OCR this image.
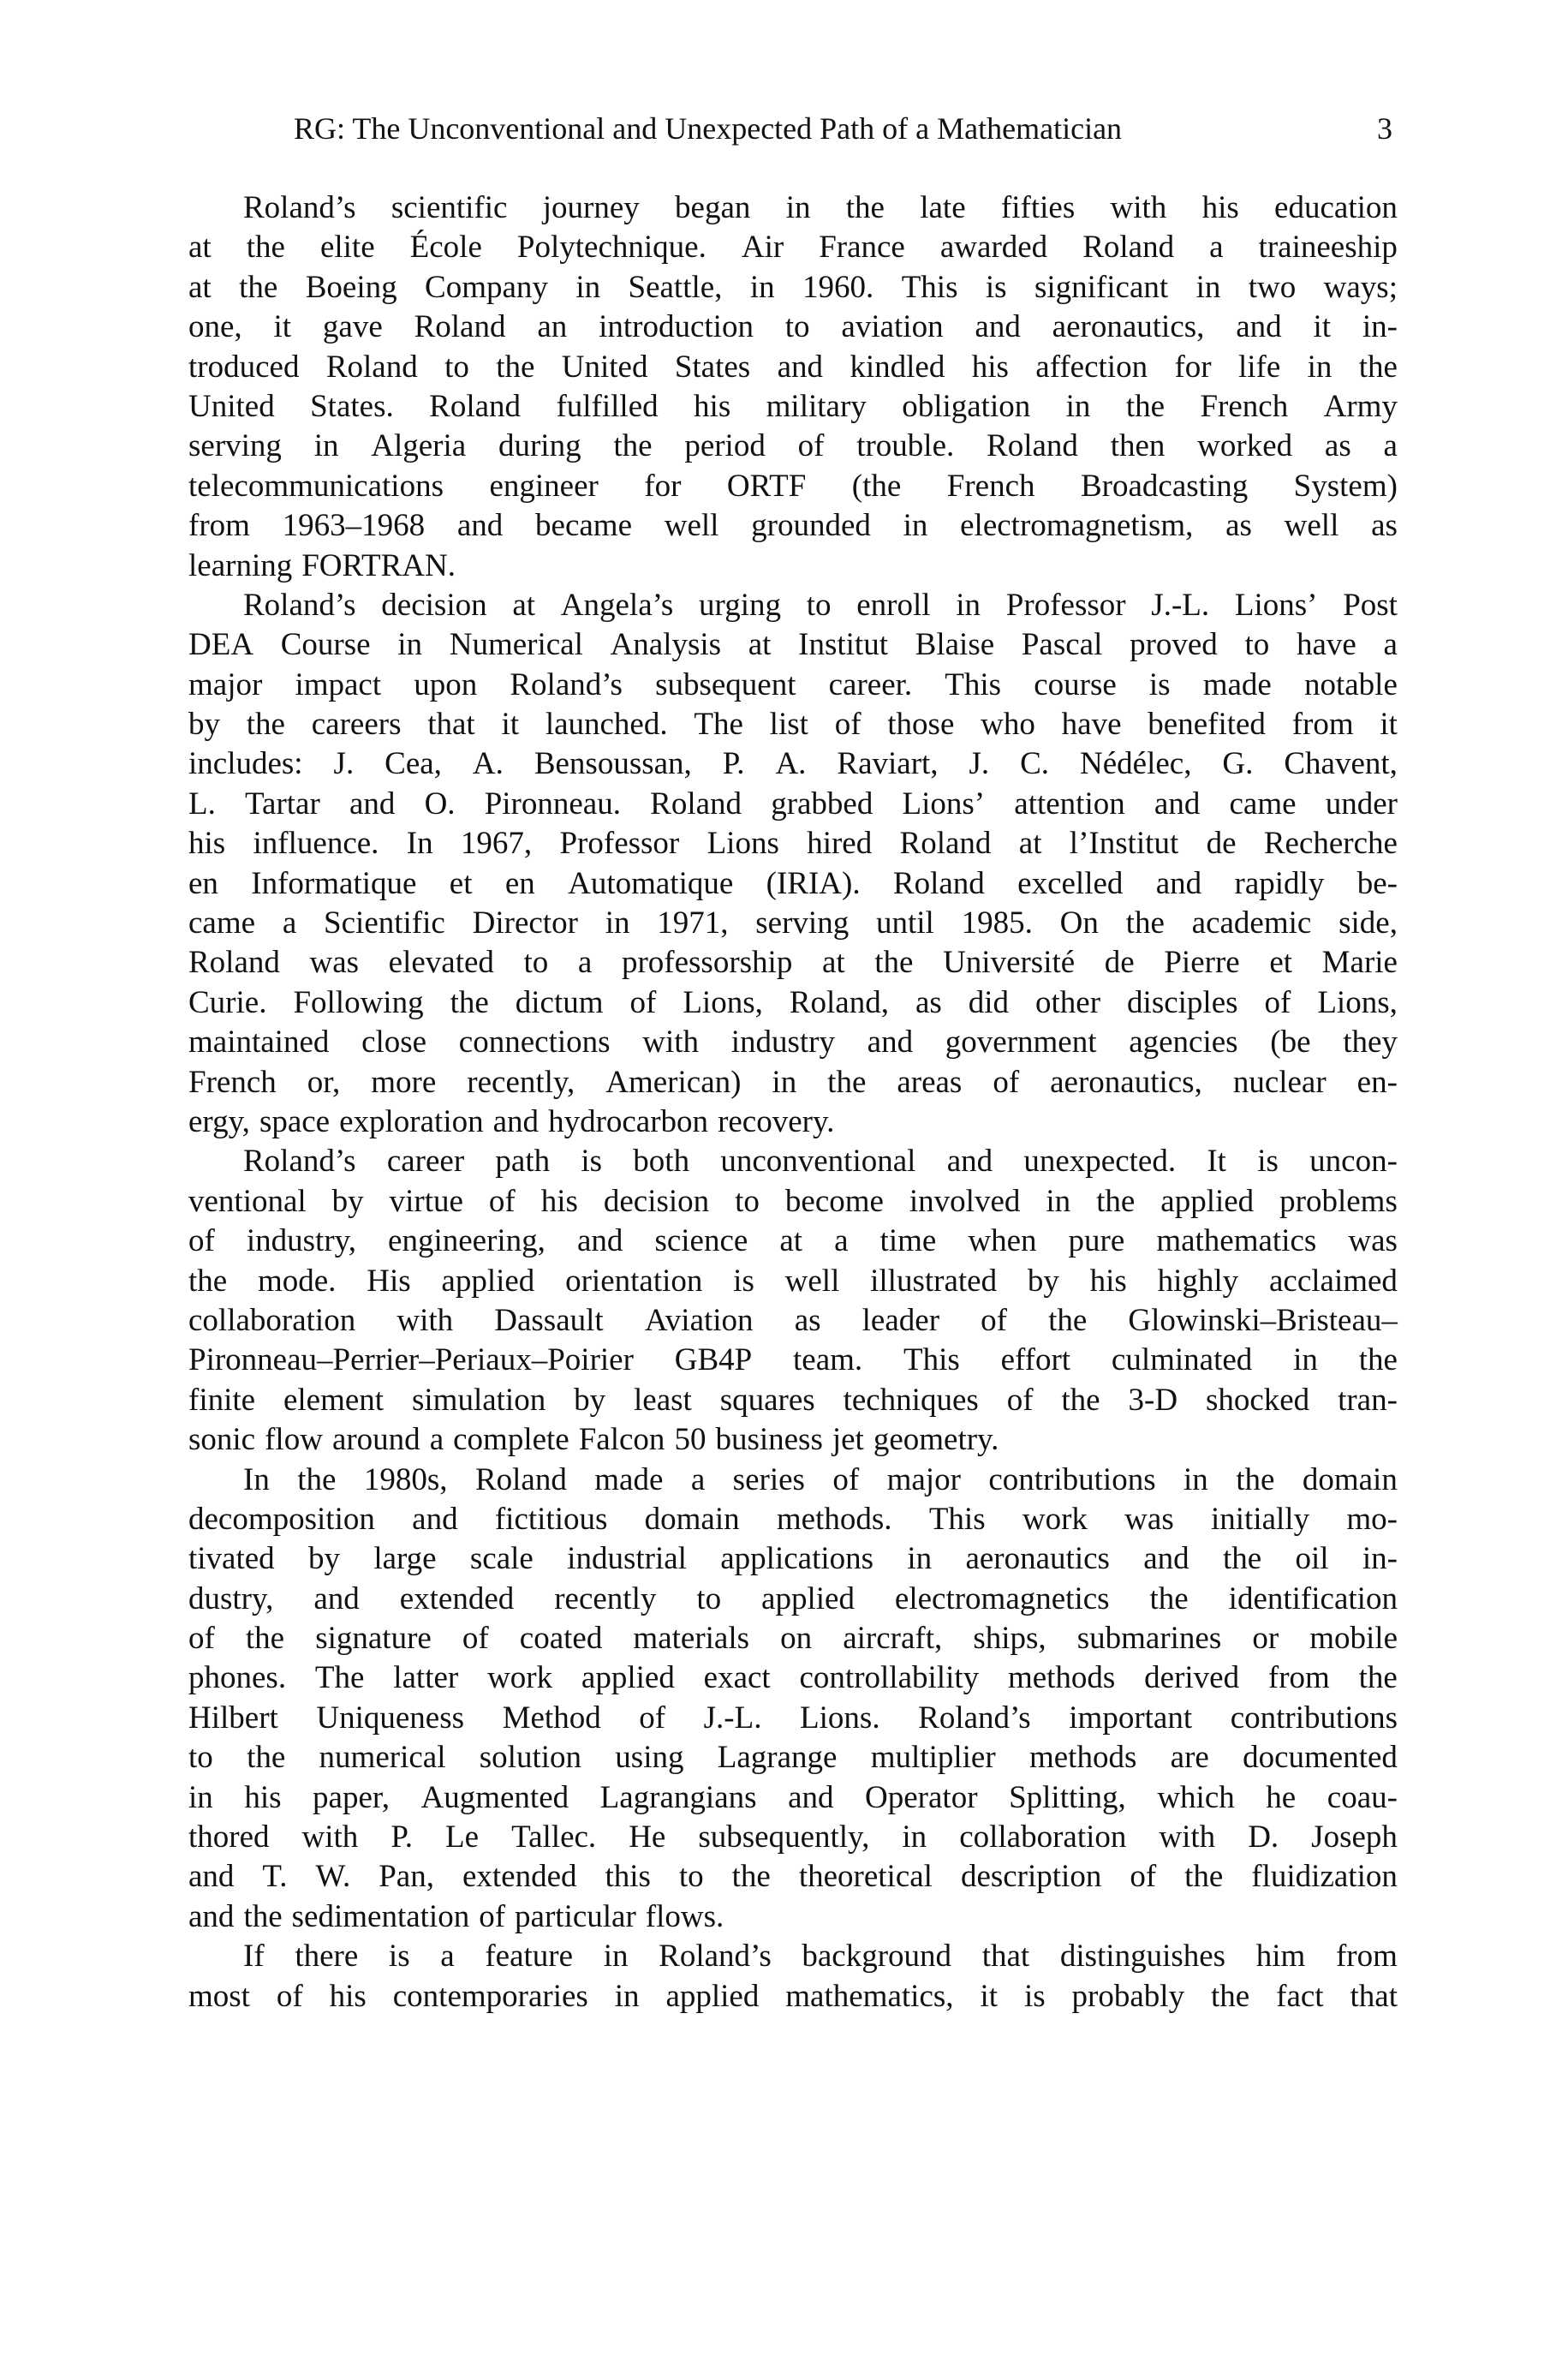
RG: The Unconventional and Unexpected Path of a Mathematician	3
Roland’s scientific journey began in the late fifties with his education
at the elite École Polytechnique. Air France awarded Roland a traineeship
at the Boeing Company in Seattle, in 1960. This is significant in two ways;
one, it gave Roland an introduction to aviation and aeronautics, and it in-
troduced Roland to the United States and kindled his affection for life in the
United States. Roland fulfilled his military obligation in the French Army
serving in Algeria during the period of trouble. Roland then worked as a
telecommunications engineer for ORTF (the French Broadcasting System)
from 1963–1968 and became well grounded in electromagnetism, as well as
learning FORTRAN.
Roland’s decision at Angela’s urging to enroll in Professor J.-L. Lions’ Post
DEA Course in Numerical Analysis at Institut Blaise Pascal proved to have a
major impact upon Roland’s subsequent career. This course is made notable
by the careers that it launched. The list of those who have benefited from it
includes: J. Cea, A. Bensoussan, P. A. Raviart, J. C. Nédélec, G. Chavent,
L. Tartar and O. Pironneau. Roland grabbed Lions’ attention and came under
his influence. In 1967, Professor Lions hired Roland at l’Institut de Recherche
en Informatique et en Automatique (IRIA). Roland excelled and rapidly be-
came a Scientific Director in 1971, serving until 1985. On the academic side,
Roland was elevated to a professorship at the Université de Pierre et Marie
Curie. Following the dictum of Lions, Roland, as did other disciples of Lions,
maintained close connections with industry and government agencies (be they
French or, more recently, American) in the areas of aeronautics, nuclear en-
ergy, space exploration and hydrocarbon recovery.
Roland’s career path is both unconventional and unexpected. It is uncon-
ventional by virtue of his decision to become involved in the applied problems
of industry, engineering, and science at a time when pure mathematics was
the mode. His applied orientation is well illustrated by his highly acclaimed
collaboration with Dassault Aviation as leader of the Glowinski–Bristeau–
Pironneau–Perrier–Periaux–Poirier GB4P team. This effort culminated in the
finite element simulation by least squares techniques of the 3-D shocked tran-
sonic flow around a complete Falcon 50 business jet geometry.
In the 1980s, Roland made a series of major contributions in the domain
decomposition and fictitious domain methods. This work was initially mo-
tivated by large scale industrial applications in aeronautics and the oil in-
dustry, and extended recently to applied electromagnetics the identification
of the signature of coated materials on aircraft, ships, submarines or mobile
phones. The latter work applied exact controllability methods derived from the
Hilbert Uniqueness Method of J.-L. Lions. Roland’s important contributions
to the numerical solution using Lagrange multiplier methods are documented
in his paper, Augmented Lagrangians and Operator Splitting, which he coau-
thored with P. Le Tallec. He subsequently, in collaboration with D. Joseph
and T. W. Pan, extended this to the theoretical description of the fluidization
and the sedimentation of particular flows.
If there is a feature in Roland’s background that distinguishes him from
most of his contemporaries in applied mathematics, it is probably the fact that
